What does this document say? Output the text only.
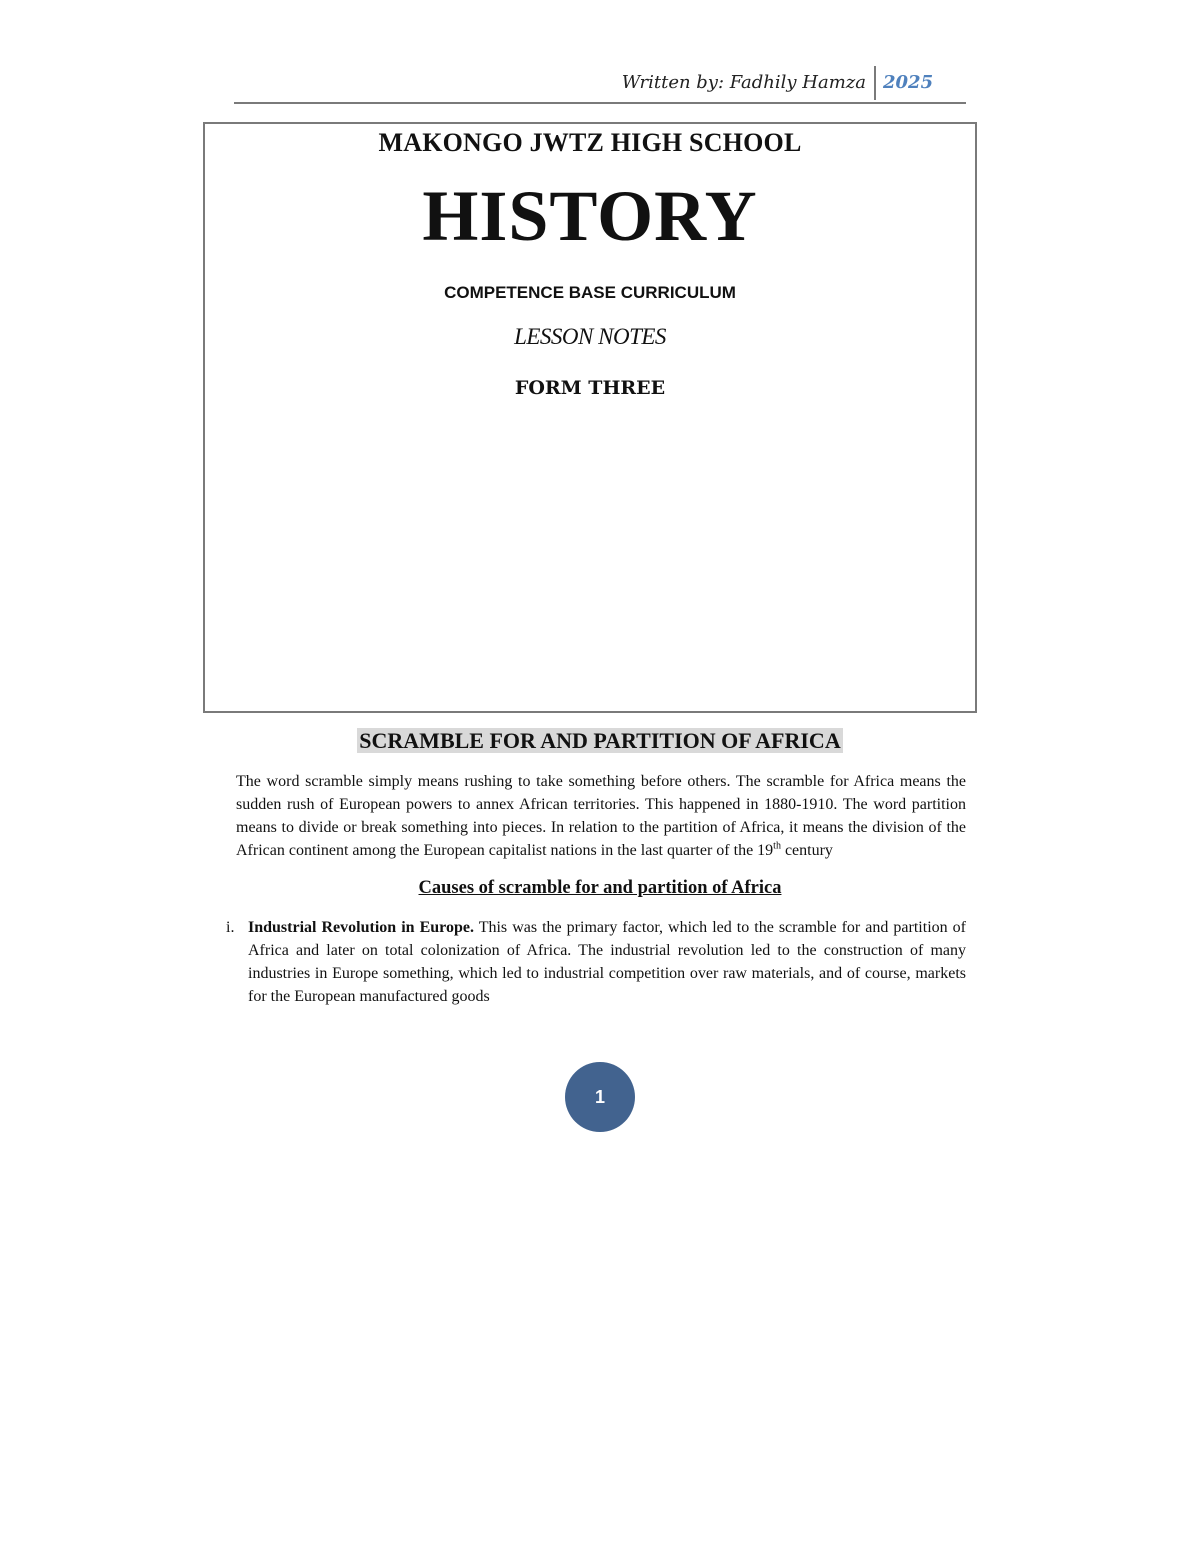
Written by: Fadhily Hamza 2025
MAKONGO JWTZ HIGH SCHOOL
HISTORY
COMPETENCE BASE CURRICULUM
LESSON NOTES
FORM THREE
SCRAMBLE FOR AND PARTITION OF AFRICA

The word scramble simply means rushing to take something before others. The scramble for Africa means the sudden rush of European powers to annex African territories. This happened in 1880-1910. The word partition means to divide or break something into pieces. In relation to the partition of Africa, it means the division of the African continent among the European capitalist nations in the last quarter of the 19th century

Causes of scramble for and partition of Africa
i. Industrial Revolution in Europe. This was the primary factor, which led to the scramble for and partition of Africa and later on total colonization of Africa. The industrial revolution led to the construction of many industries in Europe something, which led to industrial competition over raw materials, and of course, markets for the European manufactured goods

1
